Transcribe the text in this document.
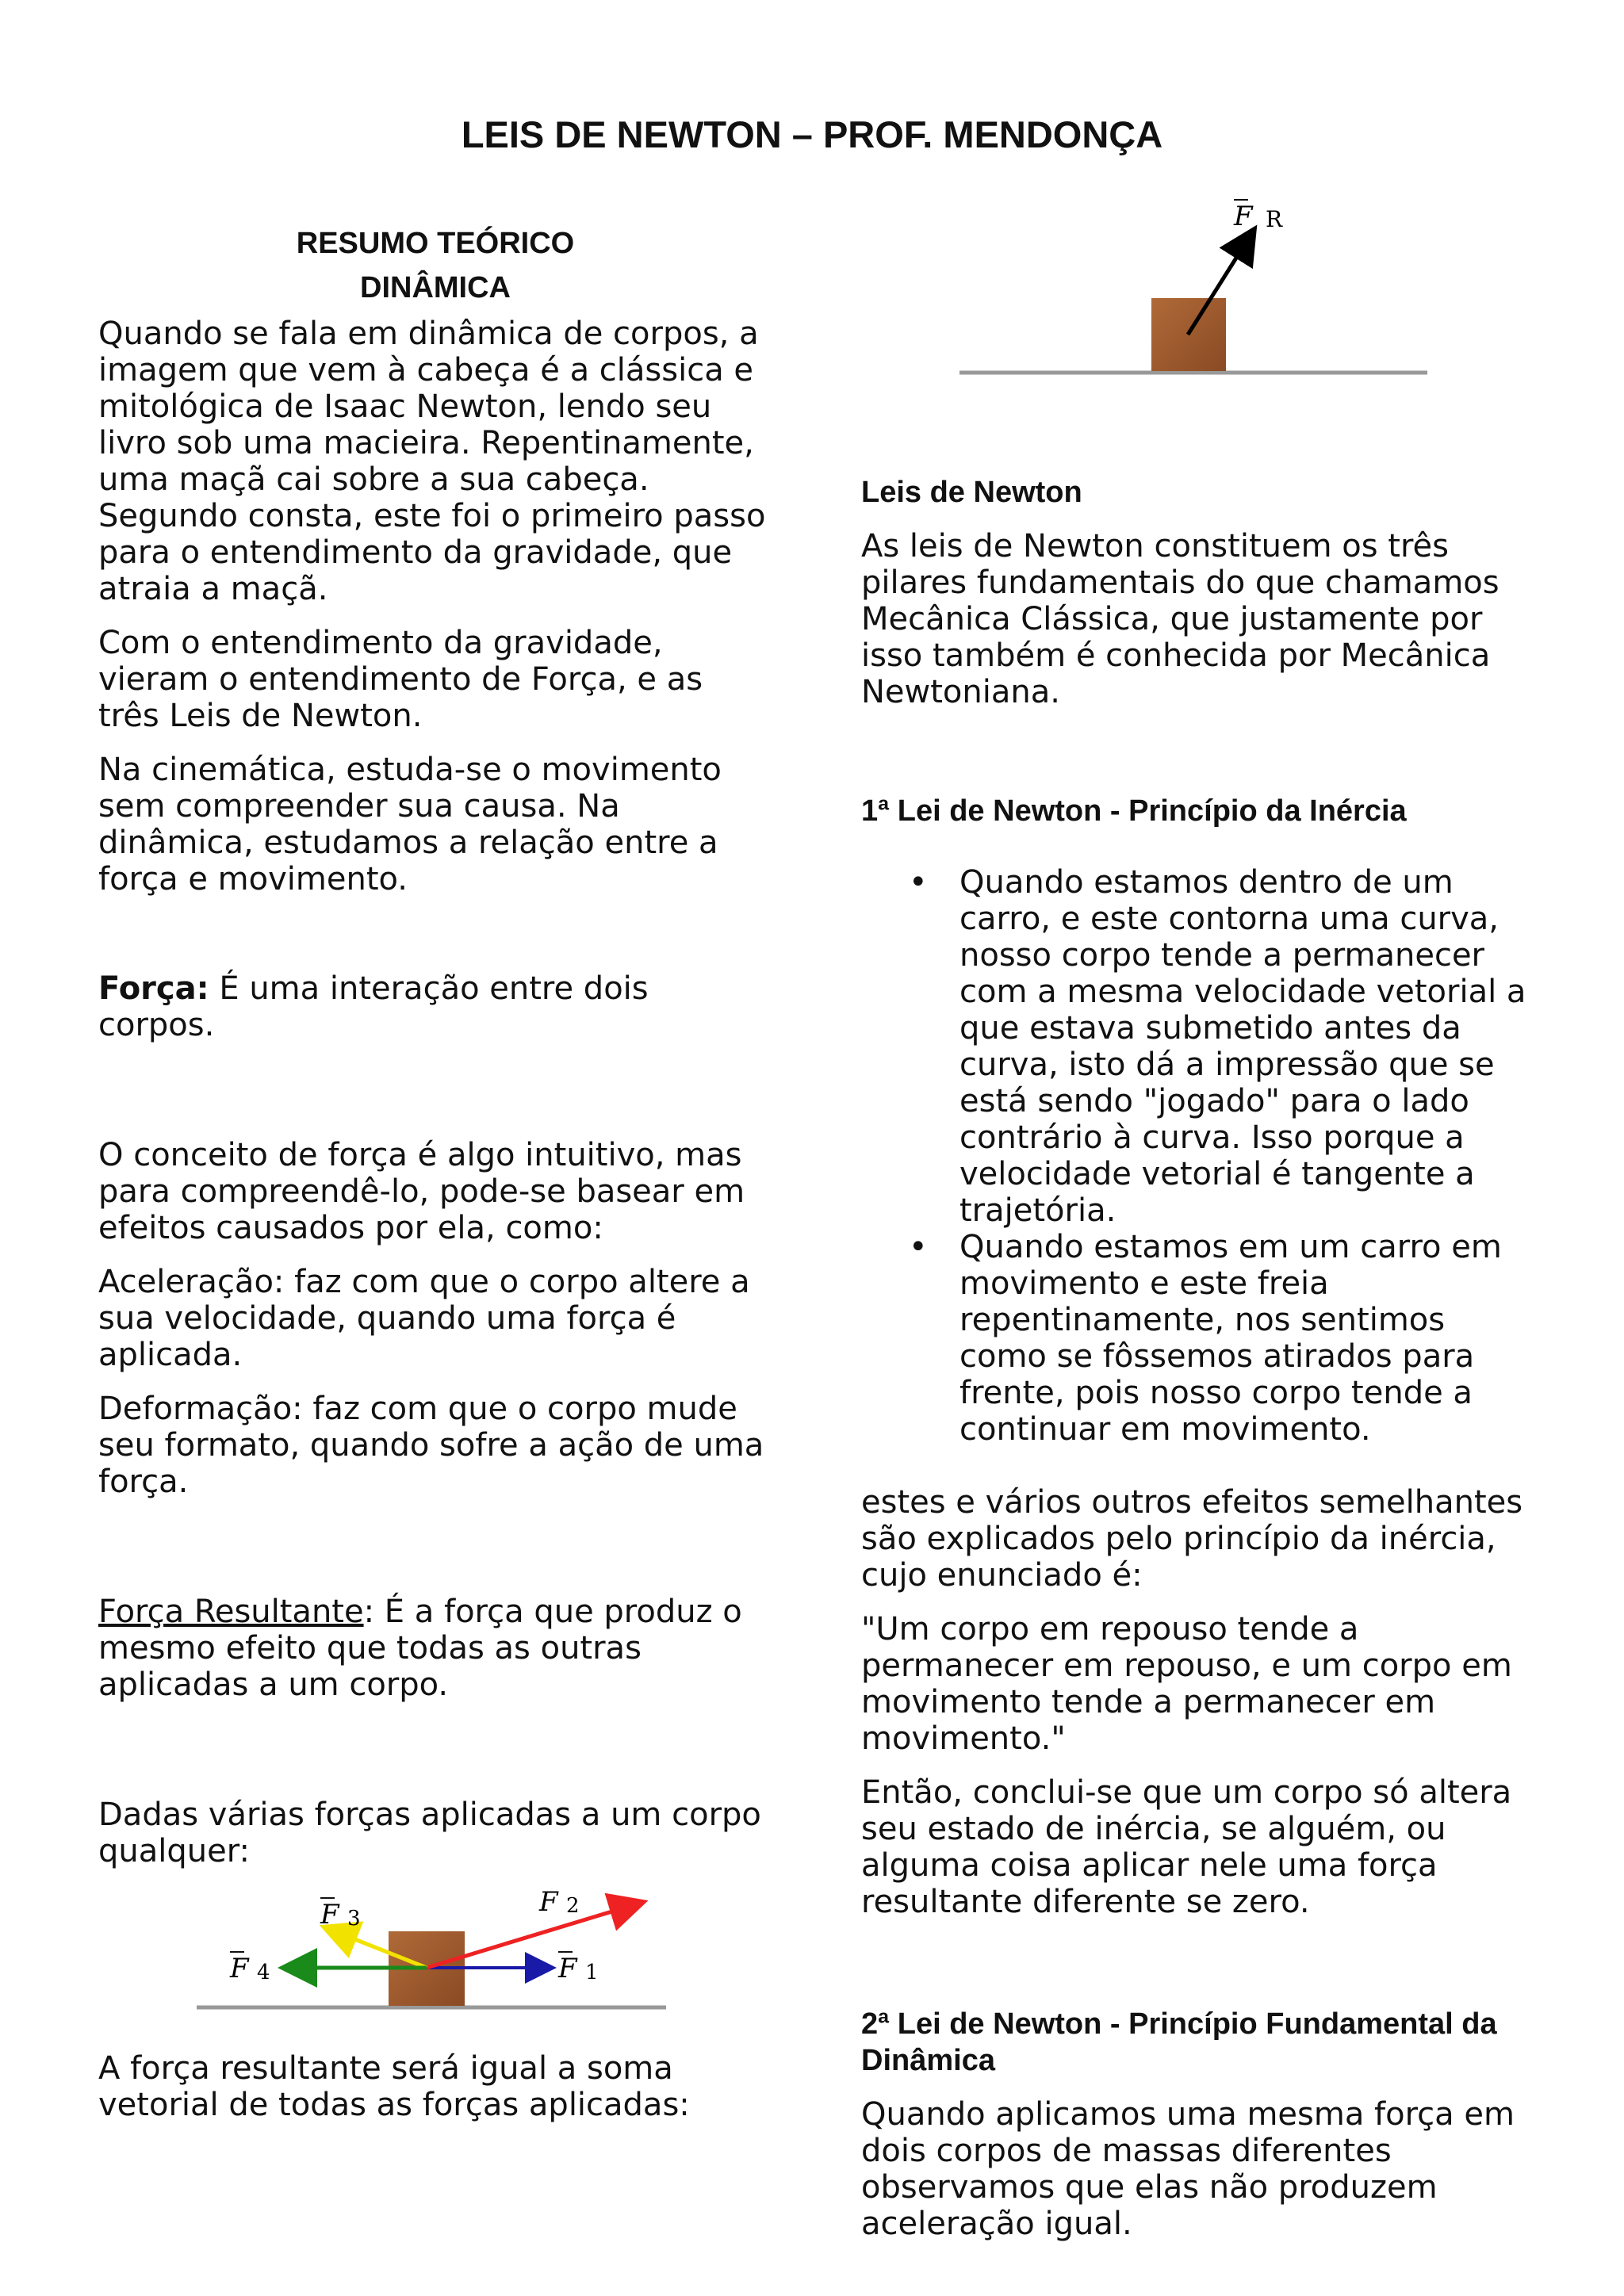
LEIS DE NEWTON – PROF. MENDONÇA
RESUMO TEÓRICO
DINÂMICA

Quando se fala em dinâmica de corpos, a imagem que vem à cabeça é a clássica e mitológica de Isaac Newton, lendo seu livro sob uma macieira. Repentinamente, uma maçã cai sobre a sua cabeça. Segundo consta, este foi o primeiro passo para o entendimento da gravidade, que atraia a maçã.

Com o entendimento da gravidade, vieram o entendimento de Força, e as três Leis de Newton.

Na cinemática, estuda-se o movimento sem compreender sua causa. Na dinâmica, estudamos a relação entre a força e movimento.

Força: É uma interação entre dois corpos.

O conceito de força é algo intuitivo, mas para compreendê-lo, pode-se basear em efeitos causados por ela, como:

Aceleração: faz com que o corpo altere a sua velocidade, quando uma força é aplicada.

Deformação: faz com que o corpo mude seu formato, quando sofre a ação de uma força.

Força Resultante: É a força que produz o mesmo efeito que todas as outras aplicadas a um corpo.

Dadas várias forças aplicadas a um corpo qualquer:

F 1
F 2
F 3
F 4

A força resultante será igual a soma vetorial de todas as forças aplicadas:

F R
Leis de Newton

As leis de Newton constituem os três pilares fundamentais do que chamamos Mecânica Clássica, que justamente por isso também é conhecida por Mecânica Newtoniana.

1ª Lei de Newton - Princípio da Inércia
• Quando estamos dentro de um carro, e este contorna uma curva, nosso corpo tende a permanecer com a mesma velocidade vetorial a que estava submetido antes da curva, isto dá a impressão que se está sendo "jogado" para o lado contrário à curva. Isso porque a velocidade vetorial é tangente a trajetória.
• Quando estamos em um carro em movimento e este freia repentinamente, nos sentimos como se fôssemos atirados para frente, pois nosso corpo tende a continuar em movimento.

estes e vários outros efeitos semelhantes são explicados pelo princípio da inércia, cujo enunciado é:

"Um corpo em repouso tende a permanecer em repouso, e um corpo em movimento tende a permanecer em movimento."

Então, conclui-se que um corpo só altera seu estado de inércia, se alguém, ou alguma coisa aplicar nele uma força resultante diferente se zero.

2ª Lei de Newton - Princípio Fundamental da Dinâmica

Quando aplicamos uma mesma força em dois corpos de massas diferentes observamos que elas não produzem aceleração igual.
